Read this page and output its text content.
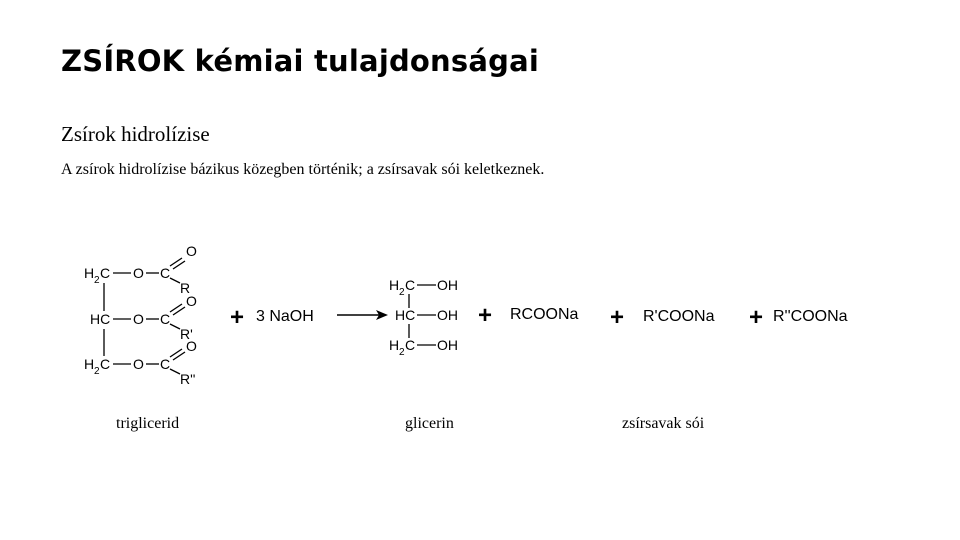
ZSÍROK kémiai tulajdonságai
Zsírok hidrolízise
A zsírok hidrolízise bázikus közegben történik; a zsírsavak sói keletkeznek.
H 2 C O C
O
R
HC O C
O
R'
H 2 C O C
O
R''
+ 3 NaOH
H 2 C OH
HC OH
H 2 C OH
+ RCOONa + R'COONa + R''COONa
triglicerid	glicerin	zsírsavak sói
